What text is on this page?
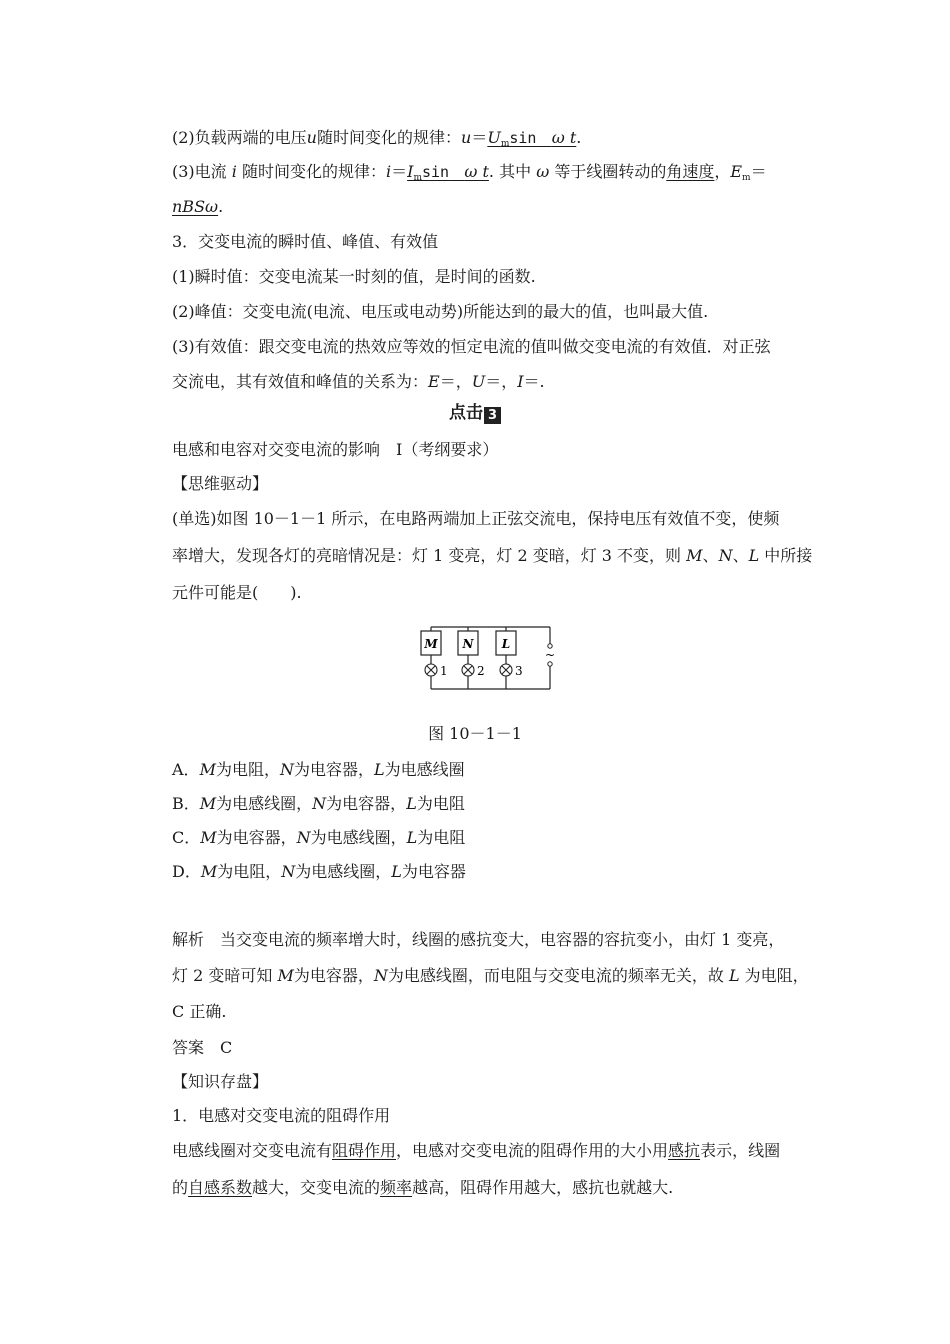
(2)负载两端的电压u随时间变化的规律：$u=U_m\sin$ ω t.
(3)电流 i 随时间变化的规律：$i=I_m\sin$ ω t. 其中 ω 等于线圈转动的角速度，$E_m=$
nBSω.
3．交变电流的瞬时值、峰值、有效值
(1)瞬时值：交变电流某一时刻的值，是时间的函数.
(2)峰值：交变电流(电流、电压或电动势)所能达到的最大的值，也叫最大值.
(3)有效值：跟交变电流的热效应等效的恒定电流的值叫做交变电流的有效值．对正弦
交流电，其有效值和峰值的关系为：E＝，U＝，I＝.
点击 3
电感和电容对交变电流的影响　Ⅰ（考纲要求）
【思维驱动】
(单选)如图 10－1－1 所示，在电路两端加上正弦交流电，保持电压有效值不变，使频
率增大，发现各灯的亮暗情况是：灯 1 变亮，灯 2 变暗，灯 3 不变，则 M、N、L 中所接
元件可能是(　　).
M N L
1 2	3
~
图 10－1－1
A．M为电阻，N为电容器，L为电感线圈
B．M为电感线圈，N为电容器，L为电阻
C．M为电容器，N为电感线圈，L为电阻
D．M为电阻，N为电感线圈，L为电容器
解析　当交变电流的频率增大时，线圈的感抗变大，电容器的容抗变小，由灯 1 变亮，
灯 2 变暗可知 M为电容器，N为电感线圈，而电阻与交变电流的频率无关，故 L 为电阻，
C 正确.
答案　C
【知识存盘】
1．电感对交变电流的阻碍作用
电感线圈对交变电流有阻碍作用，电感对交变电流的阻碍作用的大小用感抗表示，线圈
的自感系数越大，交变电流的频率越高，阻碍作用越大，感抗也就越大.
